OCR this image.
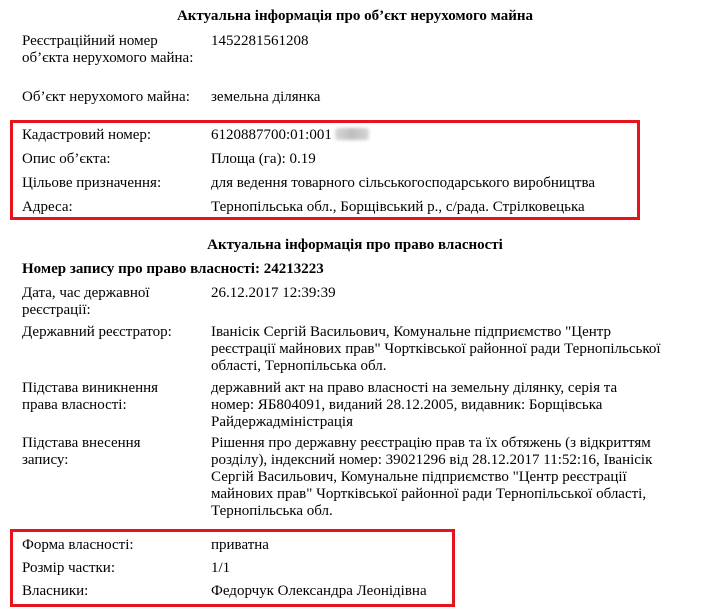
Актуальна інформація про об’єкт нерухомого майна
Реєстраційний номер об’єкта нерухомого майна:
1452281561208
Об’єкт нерухомого майна:	земельна ділянка
Кадастровий номер:	6120887700:01:001
Опис об’єкта:	Площа (га): 0.19
Цільове призначення:	для ведення товарного сільськогосподарського виробництва
Адреса:	Тернопільська обл., Борщівський р., с/рада. Стрілковецька
Актуальна інформація про право власності
Номер запису про право власності: 24213223
Дата, час державної реєстрації:
26.12.2017 12:39:39
Державний реєстратор:	Іванісік Сергій Васильович, Комунальне підприємство "Центр реєстрації майнових прав" Чортківської районної ради Тернопільської області, Тернопільська обл.
Підстава виникнення права власності:
державний акт на право власності на земельну ділянку, серія та номер: ЯБ804091, виданий 28.12.2005, видавник: Борщівська Райдержадміністрація
Підстава внесення запису:
Рішення про державну реєстрацію прав та їх обтяжень (з відкриттям розділу), індексний номер: 39021296 від 28.12.2017 11:52:16, Іванісік Сергій Васильович, Комунальне підприємство "Центр реєстрації майнових прав" Чортківської районної ради Тернопільської області, Тернопільська обл.
Форма власності:	приватна
Розмір частки:	1/1
Власники:	Федорчук Олександра Леонідівна
